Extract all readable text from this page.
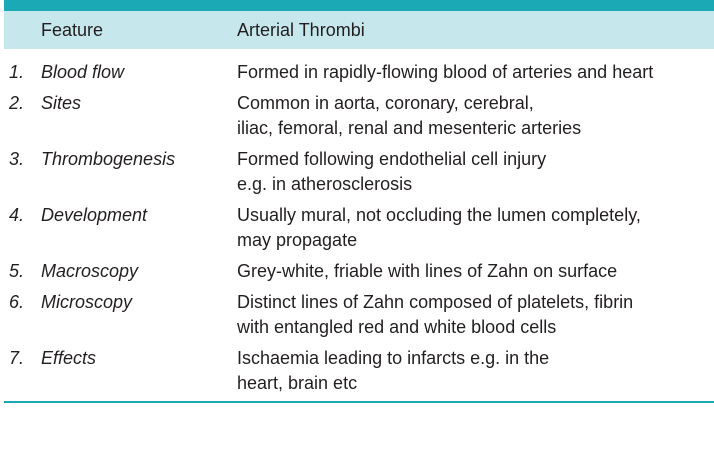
Feature	Arterial Thrombi
1. Blood flow	Formed in rapidly-flowing blood of arteries and heart
2. Sites	Common in aorta, coronary, cerebral,
iliac, femoral, renal and mesenteric arteries
3. Thrombogenesis	Formed following endothelial cell injury
e.g. in atherosclerosis
4. Development	Usually mural, not occluding the lumen completely,
may propagate
5. Macroscopy	Grey-white, friable with lines of Zahn on surface
6. Microscopy	Distinct lines of Zahn composed of platelets, fibrin
with entangled red and white blood cells
7. Effects	Ischaemia leading to infarcts e.g. in the
heart, brain etc
